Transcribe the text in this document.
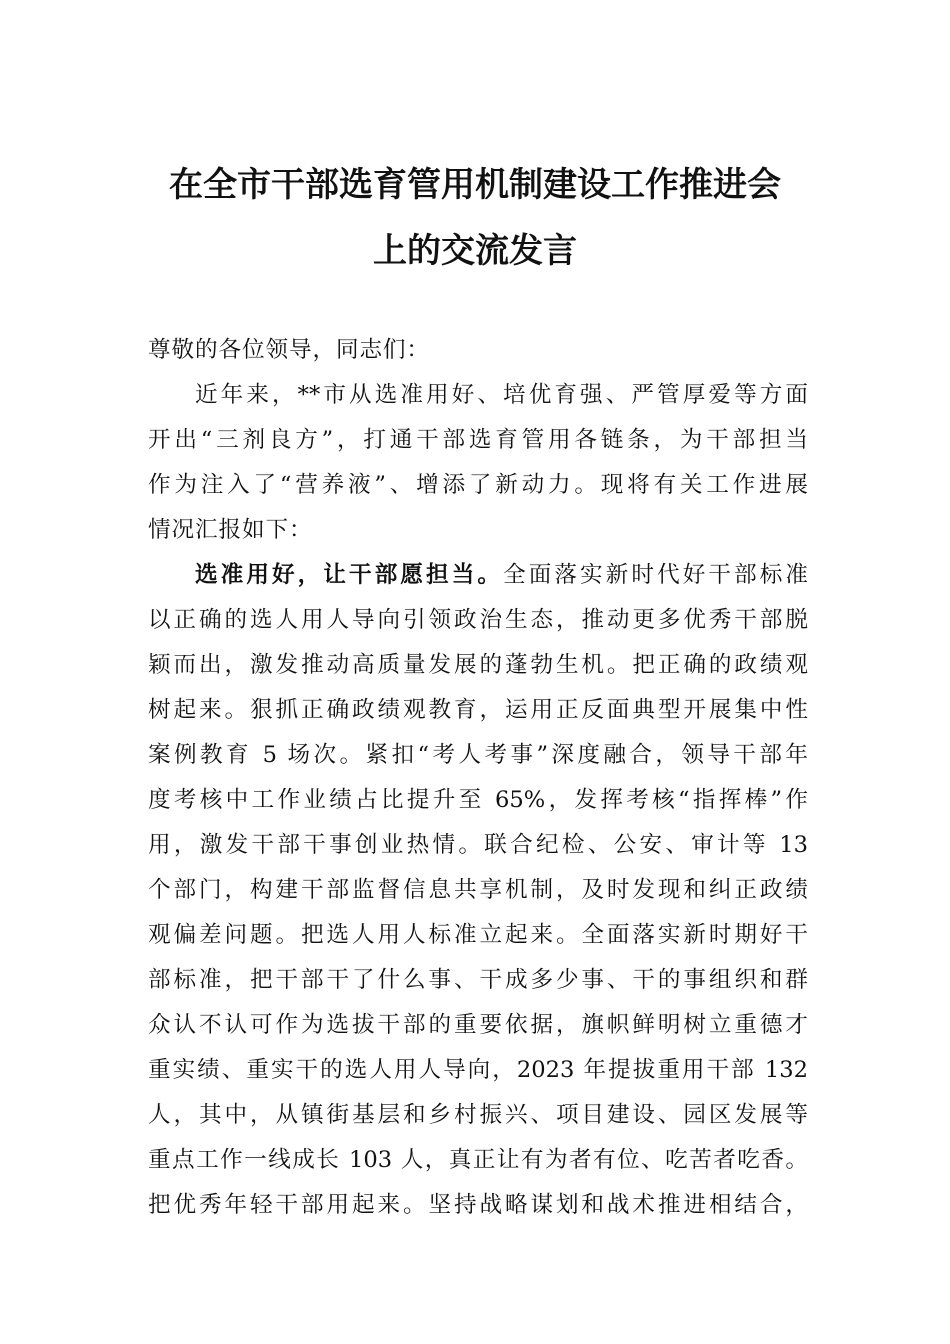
在全市干部选育管用机制建设工作推进会
上的交流发言
尊敬的各位领导，同志们：
近年来，**市从选准用好、培优育强、严管厚爱等方面
开出“三剂良方”，打通干部选育管用各链条，为干部担当
作为注入了“营养液”、增添了新动力。现将有关工作进展
情况汇报如下：
选准用好，让干部愿担当。全面落实新时代好干部标准
以正确的选人用人导向引领政治生态，推动更多优秀干部脱
颖而出，激发推动高质量发展的蓬勃生机。把正确的政绩观
树起来。狠抓正确政绩观教育，运用正反面典型开展集中性
案例教育 5 场次。紧扣“考人考事”深度融合，领导干部年
度考核中工作业绩占比提升至 65%，发挥考核“指挥棒”作
用，激发干部干事创业热情。联合纪检、公安、审计等 13
个部门，构建干部监督信息共享机制，及时发现和纠正政绩
观偏差问题。把选人用人标准立起来。全面落实新时期好干
部标准，把干部干了什么事、干成多少事、干的事组织和群
众认不认可作为选拔干部的重要依据，旗帜鲜明树立重德才
重实绩、重实干的选人用人导向，2023 年提拔重用干部 132
人，其中，从镇街基层和乡村振兴、项目建设、园区发展等
重点工作一线成长 103 人，真正让有为者有位、吃苦者吃香。
把优秀年轻干部用起来。坚持战略谋划和战术推进相结合，
